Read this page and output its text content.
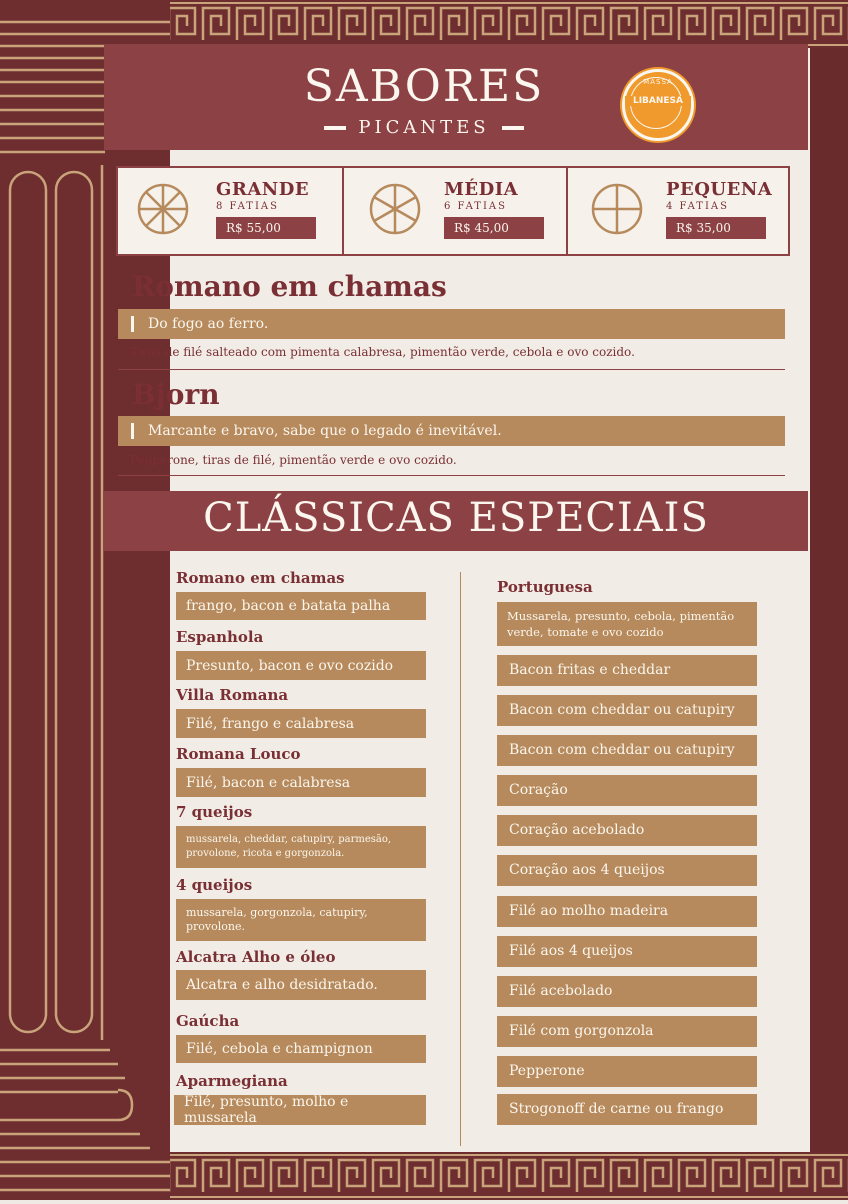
SABORES
PICANTES
MASSA
LIBANESA
GRANDE
8 FATIAS
R$ 55,00
MÉDIA
6 FATIAS
R$ 45,00
PEQUENA
4 FATIAS
R$ 35,00
Romano em chamas
Do fogo ao ferro.
Tiras de filé salteado com pimenta calabresa, pimentão verde, cebola e ovo cozido.
Bjorn
Marcante e bravo, sabe que o legado é inevitável.
Pepperone, tiras de filé, pimentão verde e ovo cozido.
CLÁSSICAS ESPECIAIS
Romano em chamas
frango, bacon e batata palha
Espanhola
Presunto, bacon e ovo cozido
Villa Romana
Filé, frango e calabresa
Romana Louco
Filé, bacon e calabresa
7 queijos
mussarela, cheddar, catupiry, parmesão, provolone, ricota e gorgonzola.
4 queijos
mussarela, gorgonzola, catupiry, provolone.
Alcatra Alho e óleo
Alcatra e alho desidratado.
Gaúcha
Filé, cebola e champignon
Aparmegiana
Filé, presunto, molho e mussarela
Portuguesa
Mussarela, presunto, cebola, pimentão verde, tomate e ovo cozido
Bacon fritas e cheddar
Bacon com cheddar ou catupiry
Bacon com cheddar ou catupiry
Coração
Coração acebolado
Coração aos 4 queijos
Filé ao molho madeira
Filé aos 4 queijos
Filé acebolado
Filé com gorgonzola
Pepperone
Strogonoff de carne ou frango
